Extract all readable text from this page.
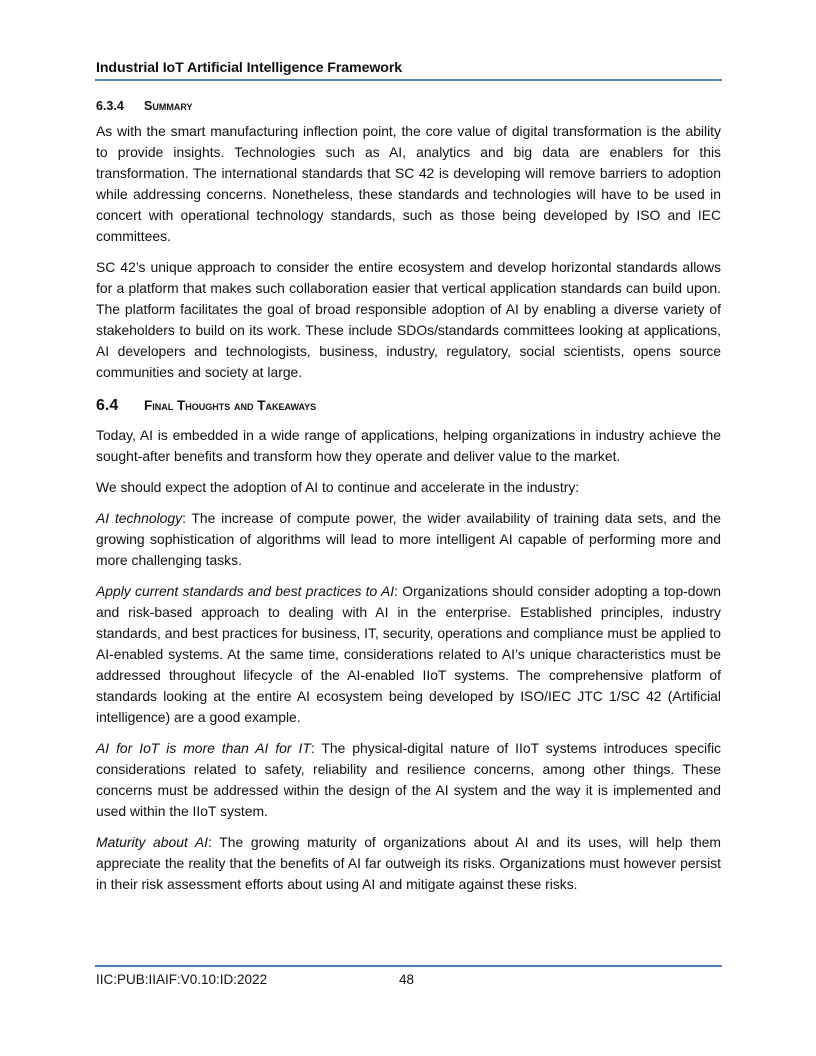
Industrial IoT Artificial Intelligence Framework
6.3.4 Summary

As with the smart manufacturing inflection point, the core value of digital transformation is the ability to provide insights. Technologies such as AI, analytics and big data are enablers for this transformation. The international standards that SC 42 is developing will remove barriers to adoption while addressing concerns. Nonetheless, these standards and technologies will have to be used in concert with operational technology standards, such as those being developed by ISO and IEC committees.

SC 42’s unique approach to consider the entire ecosystem and develop horizontal standards allows for a platform that makes such collaboration easier that vertical application standards can build upon. The platform facilitates the goal of broad responsible adoption of AI by enabling a diverse variety of stakeholders to build on its work. These include SDOs/standards committees looking at applications, AI developers and technologists, business, industry, regulatory, social scientists, opens source communities and society at large.

6.4 Final Thoughts and Takeaways

Today, AI is embedded in a wide range of applications, helping organizations in industry achieve the sought-after benefits and transform how they operate and deliver value to the market.

We should expect the adoption of AI to continue and accelerate in the industry:

AI technology: The increase of compute power, the wider availability of training data sets, and the growing sophistication of algorithms will lead to more intelligent AI capable of performing more and more challenging tasks.

Apply current standards and best practices to AI: Organizations should consider adopting a top-down and risk-based approach to dealing with AI in the enterprise. Established principles, industry standards, and best practices for business, IT, security, operations and compliance must be applied to AI-enabled systems. At the same time, considerations related to AI’s unique characteristics must be addressed throughout lifecycle of the AI-enabled IIoT systems. The comprehensive platform of standards looking at the entire AI ecosystem being developed by ISO/IEC JTC 1/SC 42 (Artificial intelligence) are a good example.

AI for IoT is more than AI for IT: The physical-digital nature of IIoT systems introduces specific considerations related to safety, reliability and resilience concerns, among other things. These concerns must be addressed within the design of the AI system and the way it is implemented and used within the IIoT system.

Maturity about AI: The growing maturity of organizations about AI and its uses, will help them appreciate the reality that the benefits of AI far outweigh its risks. Organizations must however persist in their risk assessment efforts about using AI and mitigate against these risks.

IIC:PUB:IIAIF:V0.10:ID:2022	48
